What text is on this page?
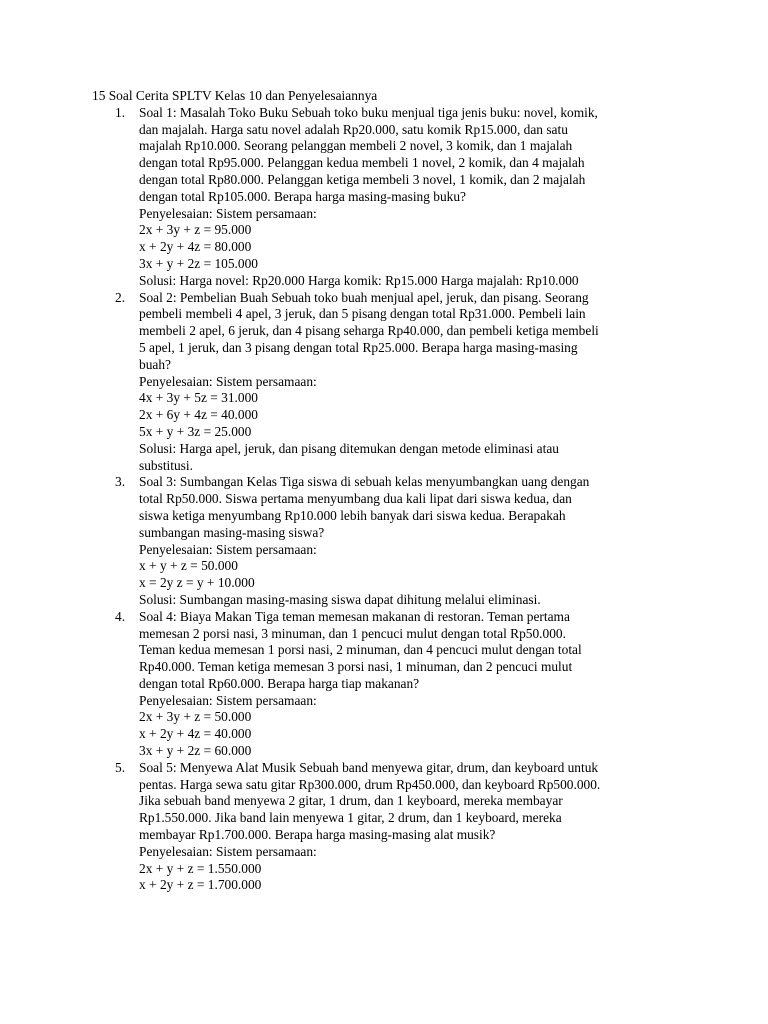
15 Soal Cerita SPLTV Kelas 10 dan Penyelesaiannya
1. Soal 1: Masalah Toko Buku Sebuah toko buku menjual tiga jenis buku: novel, komik,
dan majalah. Harga satu novel adalah Rp20.000, satu komik Rp15.000, dan satu
majalah Rp10.000. Seorang pelanggan membeli 2 novel, 3 komik, dan 1 majalah
dengan total Rp95.000. Pelanggan kedua membeli 1 novel, 2 komik, dan 4 majalah
dengan total Rp80.000. Pelanggan ketiga membeli 3 novel, 1 komik, dan 2 majalah
dengan total Rp105.000. Berapa harga masing-masing buku?
Penyelesaian: Sistem persamaan:
2x + 3y + z = 95.000
x + 2y + 4z = 80.000
3x + y + 2z = 105.000
Solusi: Harga novel: Rp20.000 Harga komik: Rp15.000 Harga majalah: Rp10.000
2. Soal 2: Pembelian Buah Sebuah toko buah menjual apel, jeruk, dan pisang. Seorang
pembeli membeli 4 apel, 3 jeruk, dan 5 pisang dengan total Rp31.000. Pembeli lain
membeli 2 apel, 6 jeruk, dan 4 pisang seharga Rp40.000, dan pembeli ketiga membeli
5 apel, 1 jeruk, dan 3 pisang dengan total Rp25.000. Berapa harga masing-masing
buah?
Penyelesaian: Sistem persamaan:
4x + 3y + 5z = 31.000
2x + 6y + 4z = 40.000
5x + y + 3z = 25.000
Solusi: Harga apel, jeruk, dan pisang ditemukan dengan metode eliminasi atau
substitusi.
3. Soal 3: Sumbangan Kelas Tiga siswa di sebuah kelas menyumbangkan uang dengan
total Rp50.000. Siswa pertama menyumbang dua kali lipat dari siswa kedua, dan
siswa ketiga menyumbang Rp10.000 lebih banyak dari siswa kedua. Berapakah
sumbangan masing-masing siswa?
Penyelesaian: Sistem persamaan:
x + y + z = 50.000
x = 2y z = y + 10.000
Solusi: Sumbangan masing-masing siswa dapat dihitung melalui eliminasi.
4. Soal 4: Biaya Makan Tiga teman memesan makanan di restoran. Teman pertama
memesan 2 porsi nasi, 3 minuman, dan 1 pencuci mulut dengan total Rp50.000.
Teman kedua memesan 1 porsi nasi, 2 minuman, dan 4 pencuci mulut dengan total
Rp40.000. Teman ketiga memesan 3 porsi nasi, 1 minuman, dan 2 pencuci mulut
dengan total Rp60.000. Berapa harga tiap makanan?
Penyelesaian: Sistem persamaan:
2x + 3y + z = 50.000
x + 2y + 4z = 40.000
3x + y + 2z = 60.000
5. Soal 5: Menyewa Alat Musik Sebuah band menyewa gitar, drum, dan keyboard untuk
pentas. Harga sewa satu gitar Rp300.000, drum Rp450.000, dan keyboard Rp500.000.
Jika sebuah band menyewa 2 gitar, 1 drum, dan 1 keyboard, mereka membayar
Rp1.550.000. Jika band lain menyewa 1 gitar, 2 drum, dan 1 keyboard, mereka
membayar Rp1.700.000. Berapa harga masing-masing alat musik?
Penyelesaian: Sistem persamaan:
2x + y + z = 1.550.000
x + 2y + z = 1.700.000
